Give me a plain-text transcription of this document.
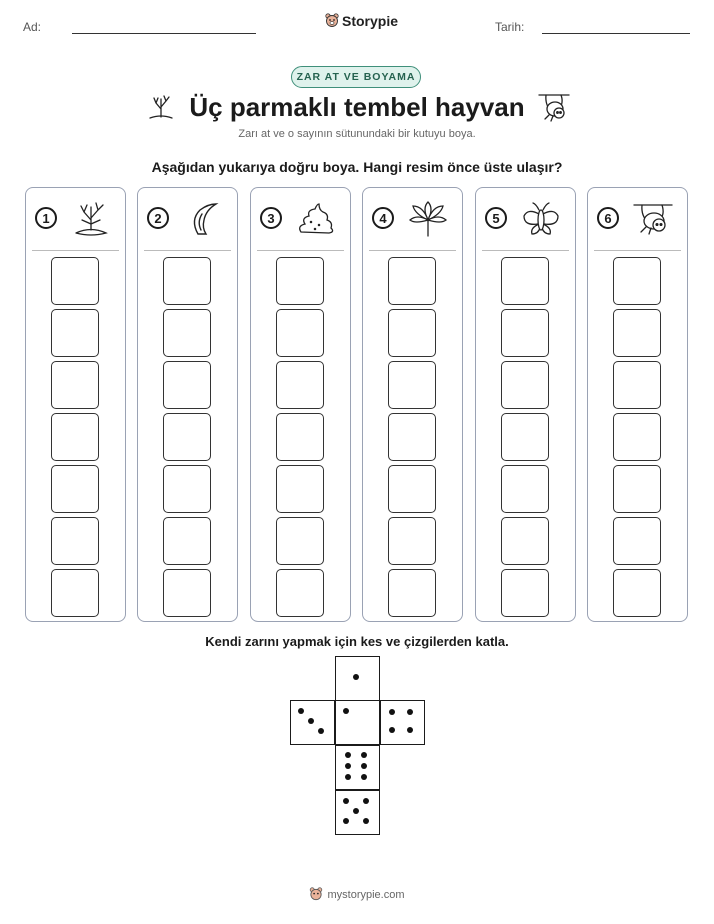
Ad:	Storypie	Tarih:
ZAR AT VE BOYAMA
Üç parmaklı tembel hayvan
Zarı at ve o sayının sütunundaki bir kutuyu boya.
Aşağıdan yukarıya doğru boya. Hangi resim önce üste ulaşır?
1	2	3	4	5	6
Kendi zarını yapmak için kes ve çizgilerden katla.
mystorypie.com
